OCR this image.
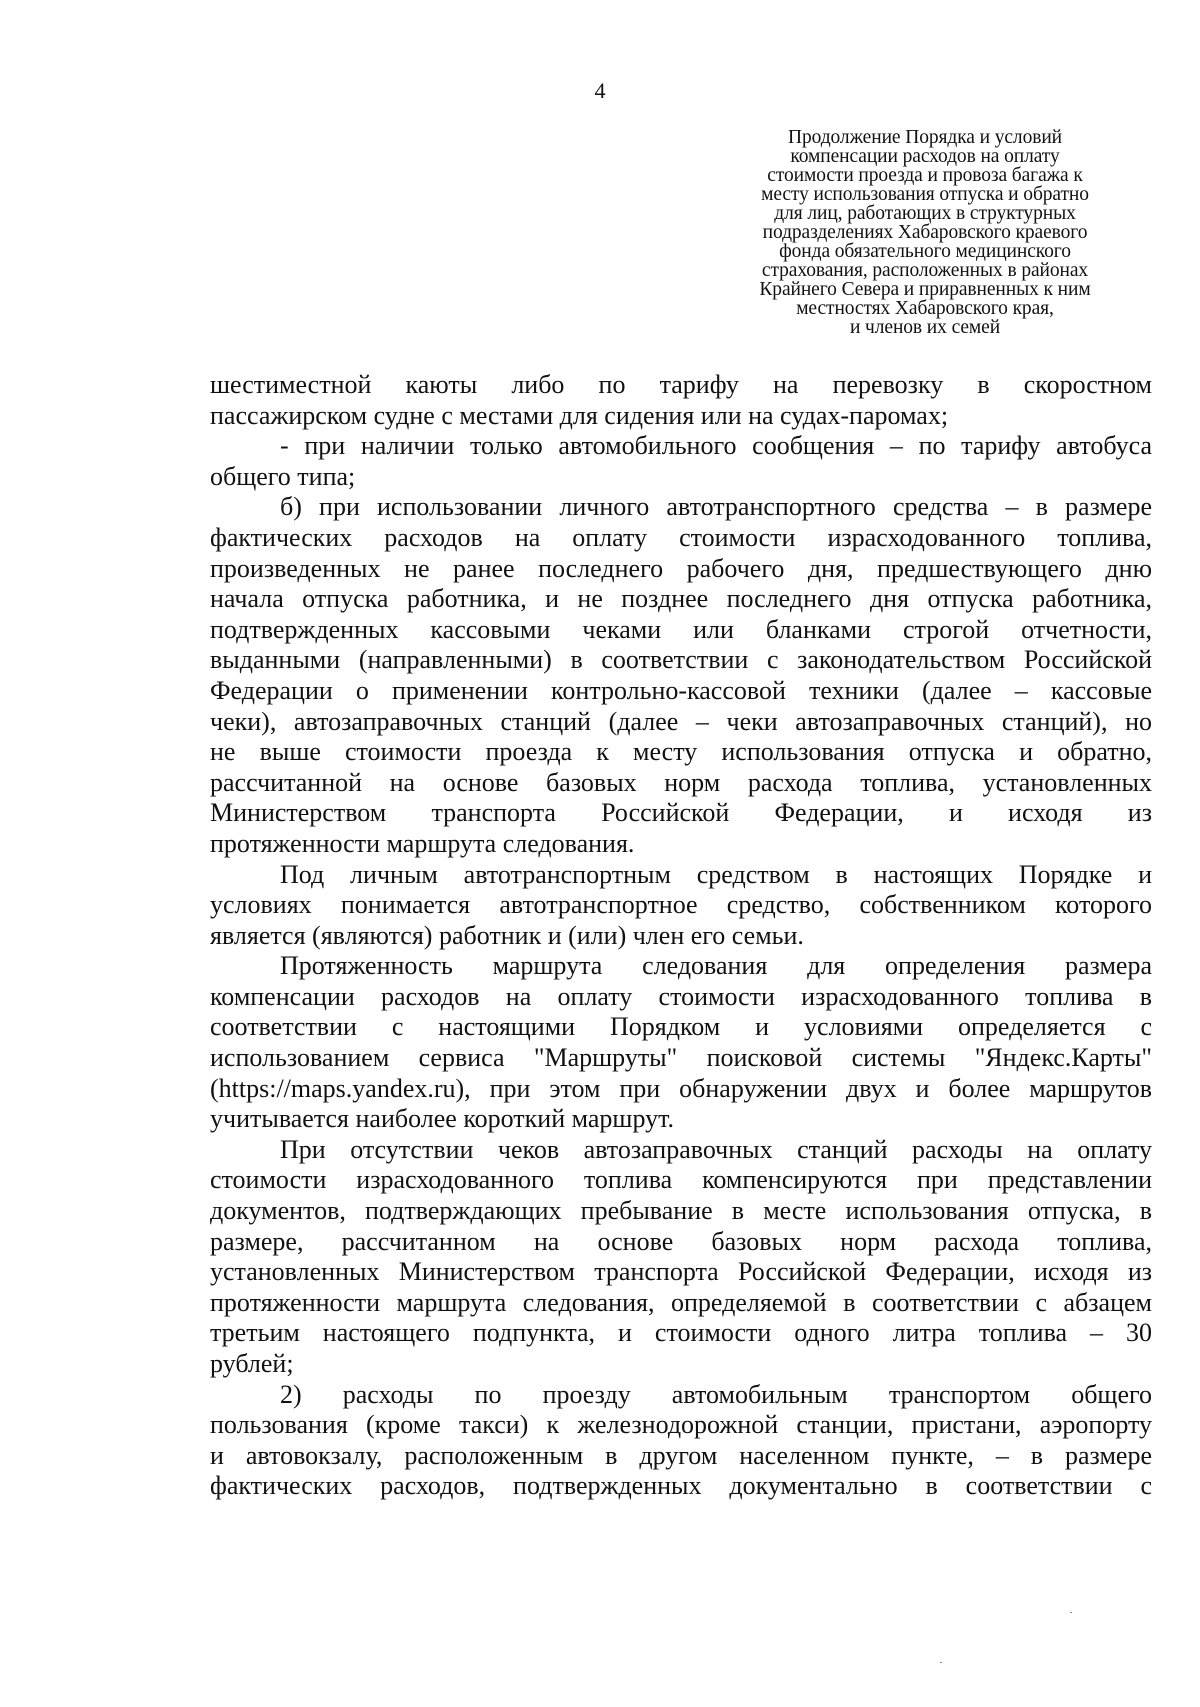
4
Продолжение Порядка и условий
компенсации расходов на оплату
стоимости проезда и провоза багажа к
месту использования отпуска и обратно
для лиц, работающих в структурных
подразделениях Хабаровского краевого
фонда обязательного медицинского
страхования, расположенных в районах
Крайнего Севера и приравненных к ним
местностях Хабаровского края,
и членов их семей
шестиместной каюты либо по тарифу на перевозку в скоростном
пассажирском судне с местами для сидения или на судах-паромах;
- при наличии только автомобильного сообщения – по тарифу автобуса
общего типа;
б) при использовании личного автотранспортного средства – в размере
фактических расходов на оплату стоимости израсходованного топлива,
произведенных не ранее последнего рабочего дня, предшествующего дню
начала отпуска работника, и не позднее последнего дня отпуска работника,
подтвержденных кассовыми чеками или бланками строгой отчетности,
выданными (направленными) в соответствии с законодательством Российской
Федерации о применении контрольно-кассовой техники (далее – кассовые
чеки), автозаправочных станций (далее – чеки автозаправочных станций), но
не выше стоимости проезда к месту использования отпуска и обратно,
рассчитанной на основе базовых норм расхода топлива, установленных
Министерством транспорта Российской Федерации, и исходя из
протяженности маршрута следования.
Под личным автотранспортным средством в настоящих Порядке и
условиях понимается автотранспортное средство, собственником которого
является (являются) работник и (или) член его семьи.
Протяженность маршрута следования для определения размера
компенсации расходов на оплату стоимости израсходованного топлива в
соответствии с настоящими Порядком и условиями определяется с
использованием сервиса "Маршруты" поисковой системы "Яндекс.Карты"
(https://maps.yandex.ru), при этом при обнаружении двух и более маршрутов
учитывается наиболее короткий маршрут.
При отсутствии чеков автозаправочных станций расходы на оплату
стоимости израсходованного топлива компенсируются при представлении
документов, подтверждающих пребывание в месте использования отпуска, в
размере, рассчитанном на основе базовых норм расхода топлива,
установленных Министерством транспорта Российской Федерации, исходя из
протяженности маршрута следования, определяемой в соответствии с абзацем
третьим настоящего подпункта, и стоимости одного литра топлива – 30
рублей;
2) расходы по проезду автомобильным транспортом общего
пользования (кроме такси) к железнодорожной станции, пристани, аэропорту
и автовокзалу, расположенным в другом населенном пункте, – в размере
фактических расходов, подтвержденных документально в соответствии с
